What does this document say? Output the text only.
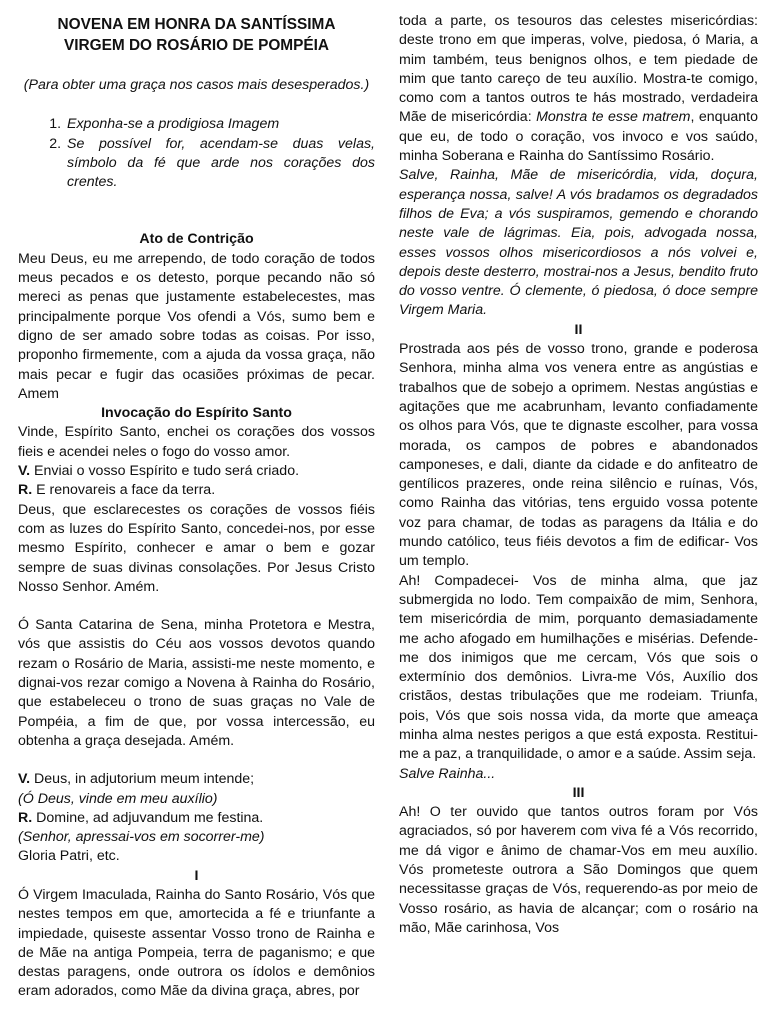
NOVENA EM HONRA DA SANTÍSSIMA
VIRGEM DO ROSÁRIO DE POMPÉIA

(Para obter uma graça nos casos mais desesperados.)

1. Exponha-se a prodigiosa Imagem
2. Se possível for, acendam-se duas velas, símbolo da fé que arde nos corações dos crentes.

Ato de Contrição

Meu Deus, eu me arrependo, de todo coração de todos meus pecados e os detesto, porque pecando não só mereci as penas que justamente estabelecestes, mas principalmente porque Vos ofendi a Vós, sumo bem e digno de ser amado sobre todas as coisas. Por isso, proponho firmemente, com a ajuda da vossa graça, não mais pecar e fugir das ocasiões próximas de pecar. Amem

Invocação do Espírito Santo

Vinde, Espírito Santo, enchei os corações dos vossos fieis e acendei neles o fogo do vosso amor.

V. Enviai o vosso Espírito e tudo será criado.

R. E renovareis a face da terra.

Deus, que esclarecestes os corações de vossos fiéis com as luzes do Espírito Santo, concedei-nos, por esse mesmo Espírito, conhecer e amar o bem e gozar sempre de suas divinas consolações. Por Jesus Cristo Nosso Senhor. Amém.

Ó Santa Catarina de Sena, minha Protetora e Mestra, vós que assistis do Céu aos vossos devotos quando rezam o Rosário de Maria, assisti-me neste momento, e dignai-vos rezar comigo a Novena à Rainha do Rosário, que estabeleceu o trono de suas graças no Vale de Pompéia, a fim de que, por vossa intercessão, eu obtenha a graça desejada. Amém.

V. Deus, in adjutorium meum intende;

(Ó Deus, vinde em meu auxílio)

R. Domine, ad adjuvandum me festina.

(Senhor, apressai-vos em socorrer-me)

Gloria Patri, etc.

I

Ó Virgem Imaculada, Rainha do Santo Rosário, Vós que nestes tempos em que, amortecida a fé e triunfante a impiedade, quiseste assentar Vosso trono de Rainha e de Mãe na antiga Pompeia, terra de paganismo; e que destas paragens, onde outrora os ídolos e demônios eram adorados, como Mãe da divina graça, abres, por

toda a parte, os tesouros das celestes misericórdias: deste trono em que imperas, volve, piedosa, ó Maria, a mim também, teus benignos olhos, e tem piedade de mim que tanto careço de teu auxílio. Mostra-te comigo, como com a tantos outros te hás mostrado, verdadeira Mãe de misericórdia: Monstra te esse matrem, enquanto que eu, de todo o coração, vos invoco e vos saúdo, minha Soberana e Rainha do Santíssimo Rosário.

Salve, Rainha, Mãe de misericórdia, vida, doçura, esperança nossa, salve! A vós bradamos os degradados filhos de Eva; a vós suspiramos, gemendo e chorando neste vale de lágrimas. Eia, pois, advogada nossa, esses vossos olhos misericordiosos a nós volvei e, depois deste desterro, mostrai-nos a Jesus, bendito fruto do vosso ventre. Ó clemente, ó piedosa, ó doce sempre Virgem Maria.

II

Prostrada aos pés de vosso trono, grande e poderosa Senhora, minha alma vos venera entre as angústias e trabalhos que de sobejo a oprimem. Nestas angústias e agitações que me acabrunham, levanto confiadamente os olhos para Vós, que te dignaste escolher, para vossa morada, os campos de pobres e abandonados camponeses, e dali, diante da cidade e do anfiteatro de gentílicos prazeres, onde reina silêncio e ruínas, Vós, como Rainha das vitórias, tens erguido vossa potente voz para chamar, de todas as paragens da Itália e do mundo católico, teus fiéis devotos a fim de edificar- Vos um templo.

Ah! Compadecei- Vos de minha alma, que jaz submergida no lodo. Tem compaixão de mim, Senhora, tem misericórdia de mim, porquanto demasiadamente me acho afogado em humilhações e misérias. Defende-me dos inimigos que me cercam, Vós que sois o extermínio dos demônios. Livra-me Vós, Auxílio dos cristãos, destas tribulações que me rodeiam. Triunfa, pois, Vós que sois nossa vida, da morte que ameaça minha alma nestes perigos a que está exposta. Restitui-me a paz, a tranquilidade, o amor e a saúde. Assim seja.

Salve Rainha...

III

Ah! O ter ouvido que tantos outros foram por Vós agraciados, só por haverem com viva fé a Vós recorrido, me dá vigor e ânimo de chamar-Vos em meu auxílio. Vós prometeste outrora a São Domingos que quem necessitasse graças de Vós, requerendo-as por meio de Vosso rosário, as havia de alcançar; com o rosário na mão, Mãe carinhosa, Vos
